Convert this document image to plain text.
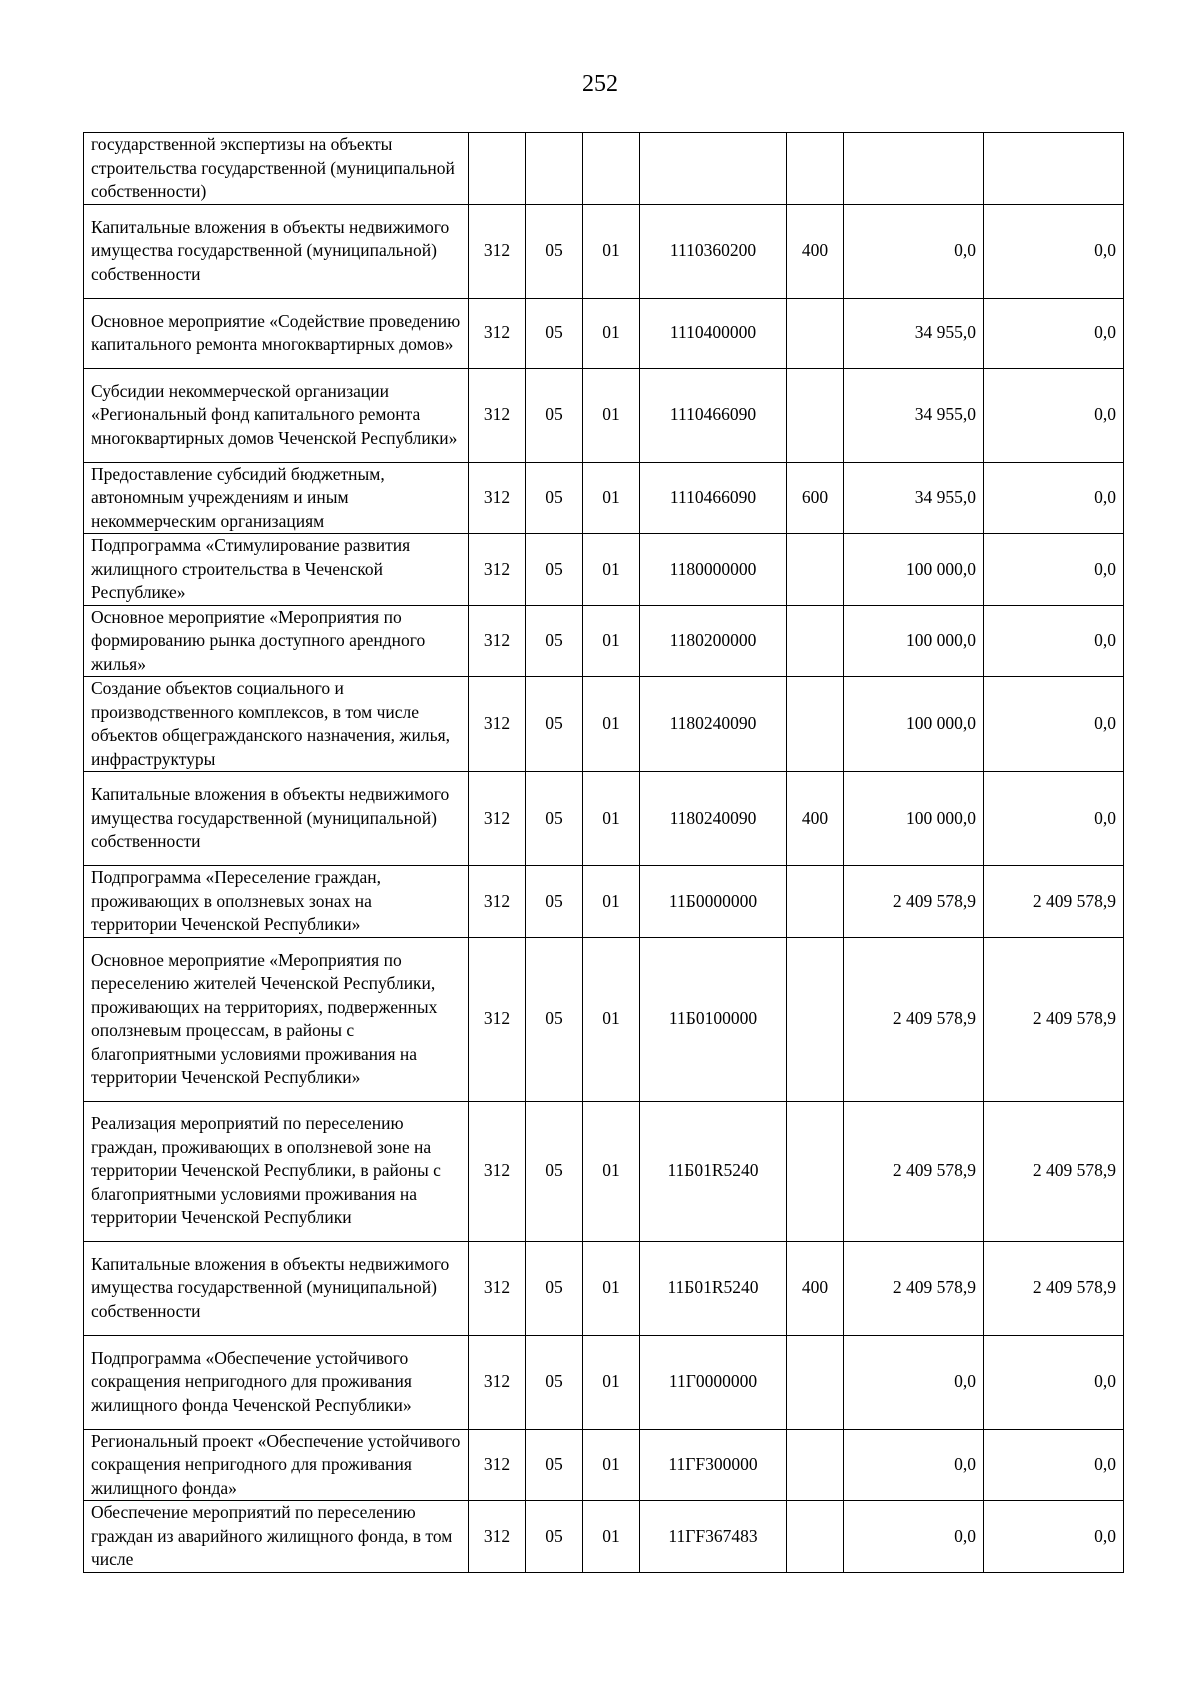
252
государственной экспертизы на объекты строительства государственной (муниципальной собственности)							
Капитальные вложения в объекты недвижимого имущества государственной (муниципальной) собственности	312	05	01	1110360200	400	0,0	0,0
Основное мероприятие «Содействие проведению капитального ремонта многоквартирных домов»	312	05	01	1110400000		34 955,0	0,0
Субсидии некоммерческой организации «Региональный фонд капитального ремонта многоквартирных домов Чеченской Республики»	312	05	01	1110466090		34 955,0	0,0
Предоставление субсидий бюджетным, автономным учреждениям и иным некоммерческим организациям	312	05	01	1110466090	600	34 955,0	0,0
Подпрограмма «Стимулирование развития жилищного строительства в Чеченской Республике»	312	05	01	1180000000		100 000,0	0,0
Основное мероприятие «Мероприятия по формированию рынка доступного арендного жилья»	312	05	01	1180200000		100 000,0	0,0
Создание объектов социального и производственного комплексов, в том числе объектов общегражданского назначения, жилья, инфраструктуры	312	05	01	1180240090		100 000,0	0,0
Капитальные вложения в объекты недвижимого имущества государственной (муниципальной) собственности	312	05	01	1180240090	400	100 000,0	0,0
Подпрограмма «Переселение граждан, проживающих в оползневых зонах на территории Чеченской Республики»	312	05	01	11Б0000000		2 409 578,9	2 409 578,9
Основное мероприятие «Мероприятия по переселению жителей Чеченской Республики, проживающих на территориях, подверженных оползневым процессам, в районы с благоприятными условиями проживания на территории Чеченской Республики»	312	05	01	11Б0100000		2 409 578,9	2 409 578,9
Реализация мероприятий по переселению граждан, проживающих в оползневой зоне на территории Чеченской Республики, в районы с благоприятными условиями проживания на территории Чеченской Республики	312	05	01	11Б01R5240		2 409 578,9	2 409 578,9
Капитальные вложения в объекты недвижимого имущества государственной (муниципальной) собственности	312	05	01	11Б01R5240	400	2 409 578,9	2 409 578,9
Подпрограмма «Обеспечение устойчивого сокращения непригодного для проживания жилищного фонда Чеченской Республики»	312	05	01	11Г0000000		0,0	0,0
Региональный проект «Обеспечение устойчивого сокращения непригодного для проживания жилищного фонда»	312	05	01	11ГF300000		0,0	0,0
Обеспечение мероприятий по переселению граждан из аварийного жилищного фонда, в том числе	312	05	01	11ГF367483		0,0	0,0
